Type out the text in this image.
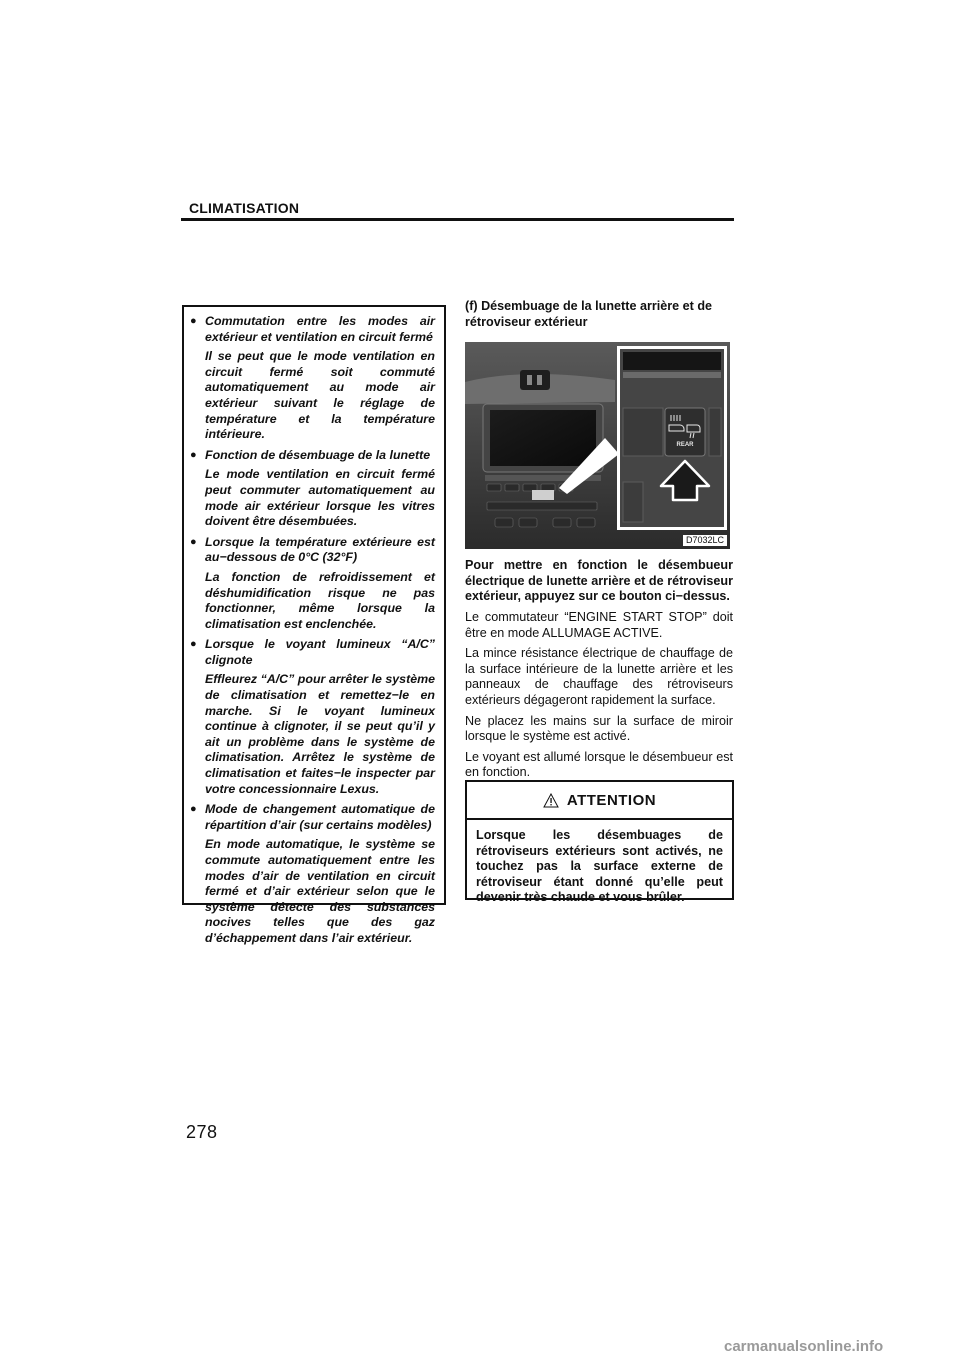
CLIMATISATION
● Commutation entre les modes air extérieur et ventilation en circuit fermé
Il se peut que le mode ventilation en circuit fermé soit commuté automatiquement au mode air extérieur suivant le réglage de température et la température intérieure.
● Fonction de désembuage de la lunette
Le mode ventilation en circuit fermé peut commuter automatiquement au mode air extérieur lorsque les vitres doivent être désembuées.
● Lorsque la température extérieure est au−dessous de 0°C (32°F)
La fonction de refroidissement et déshumidification risque ne pas fonctionner, même lorsque la climatisation est enclenchée.
● Lorsque le voyant lumineux “A/C” clignote
Effleurez “A/C” pour arrêter le système de climatisation et remettez−le en marche. Si le voyant lumineux continue à clignoter, il se peut qu’il y ait un problème dans le système de climatisation. Arrêtez le système de climatisation et faites−le inspecter par votre concessionnaire Lexus.
● Mode de changement automatique de répartition d’air (sur certains modèles)
En mode automatique, le système se commute automatiquement entre les modes d’air de ventilation en circuit fermé et d’air extérieur selon que le système détecte des substances nocives telles que des gaz d’échappement dans l’air extérieur.
(f) Désembuage de la lunette arrière et de rétroviseur extérieur
REAR
D7032LC
Pour mettre en fonction le désembueur électrique de lunette arrière et de rétroviseur extérieur, appuyez sur ce bouton ci−dessus.
Le commutateur “ENGINE START STOP” doit être en mode ALLUMAGE ACTIVE.
La mince résistance électrique de chauffage de la surface intérieure de la lunette arrière et les panneaux de chauffage des rétroviseurs extérieurs dégageront rapidement la surface.
Ne placez les mains sur la surface de miroir lorsque le système est activé.
Le voyant est allumé lorsque le désembueur est en fonction.
ATTENTION
Lorsque les désembuages de rétroviseurs extérieurs sont activés, ne touchez pas la surface externe de rétroviseur étant donné qu’elle peut devenir très chaude et vous brûler.
278
carmanualsonline.info
